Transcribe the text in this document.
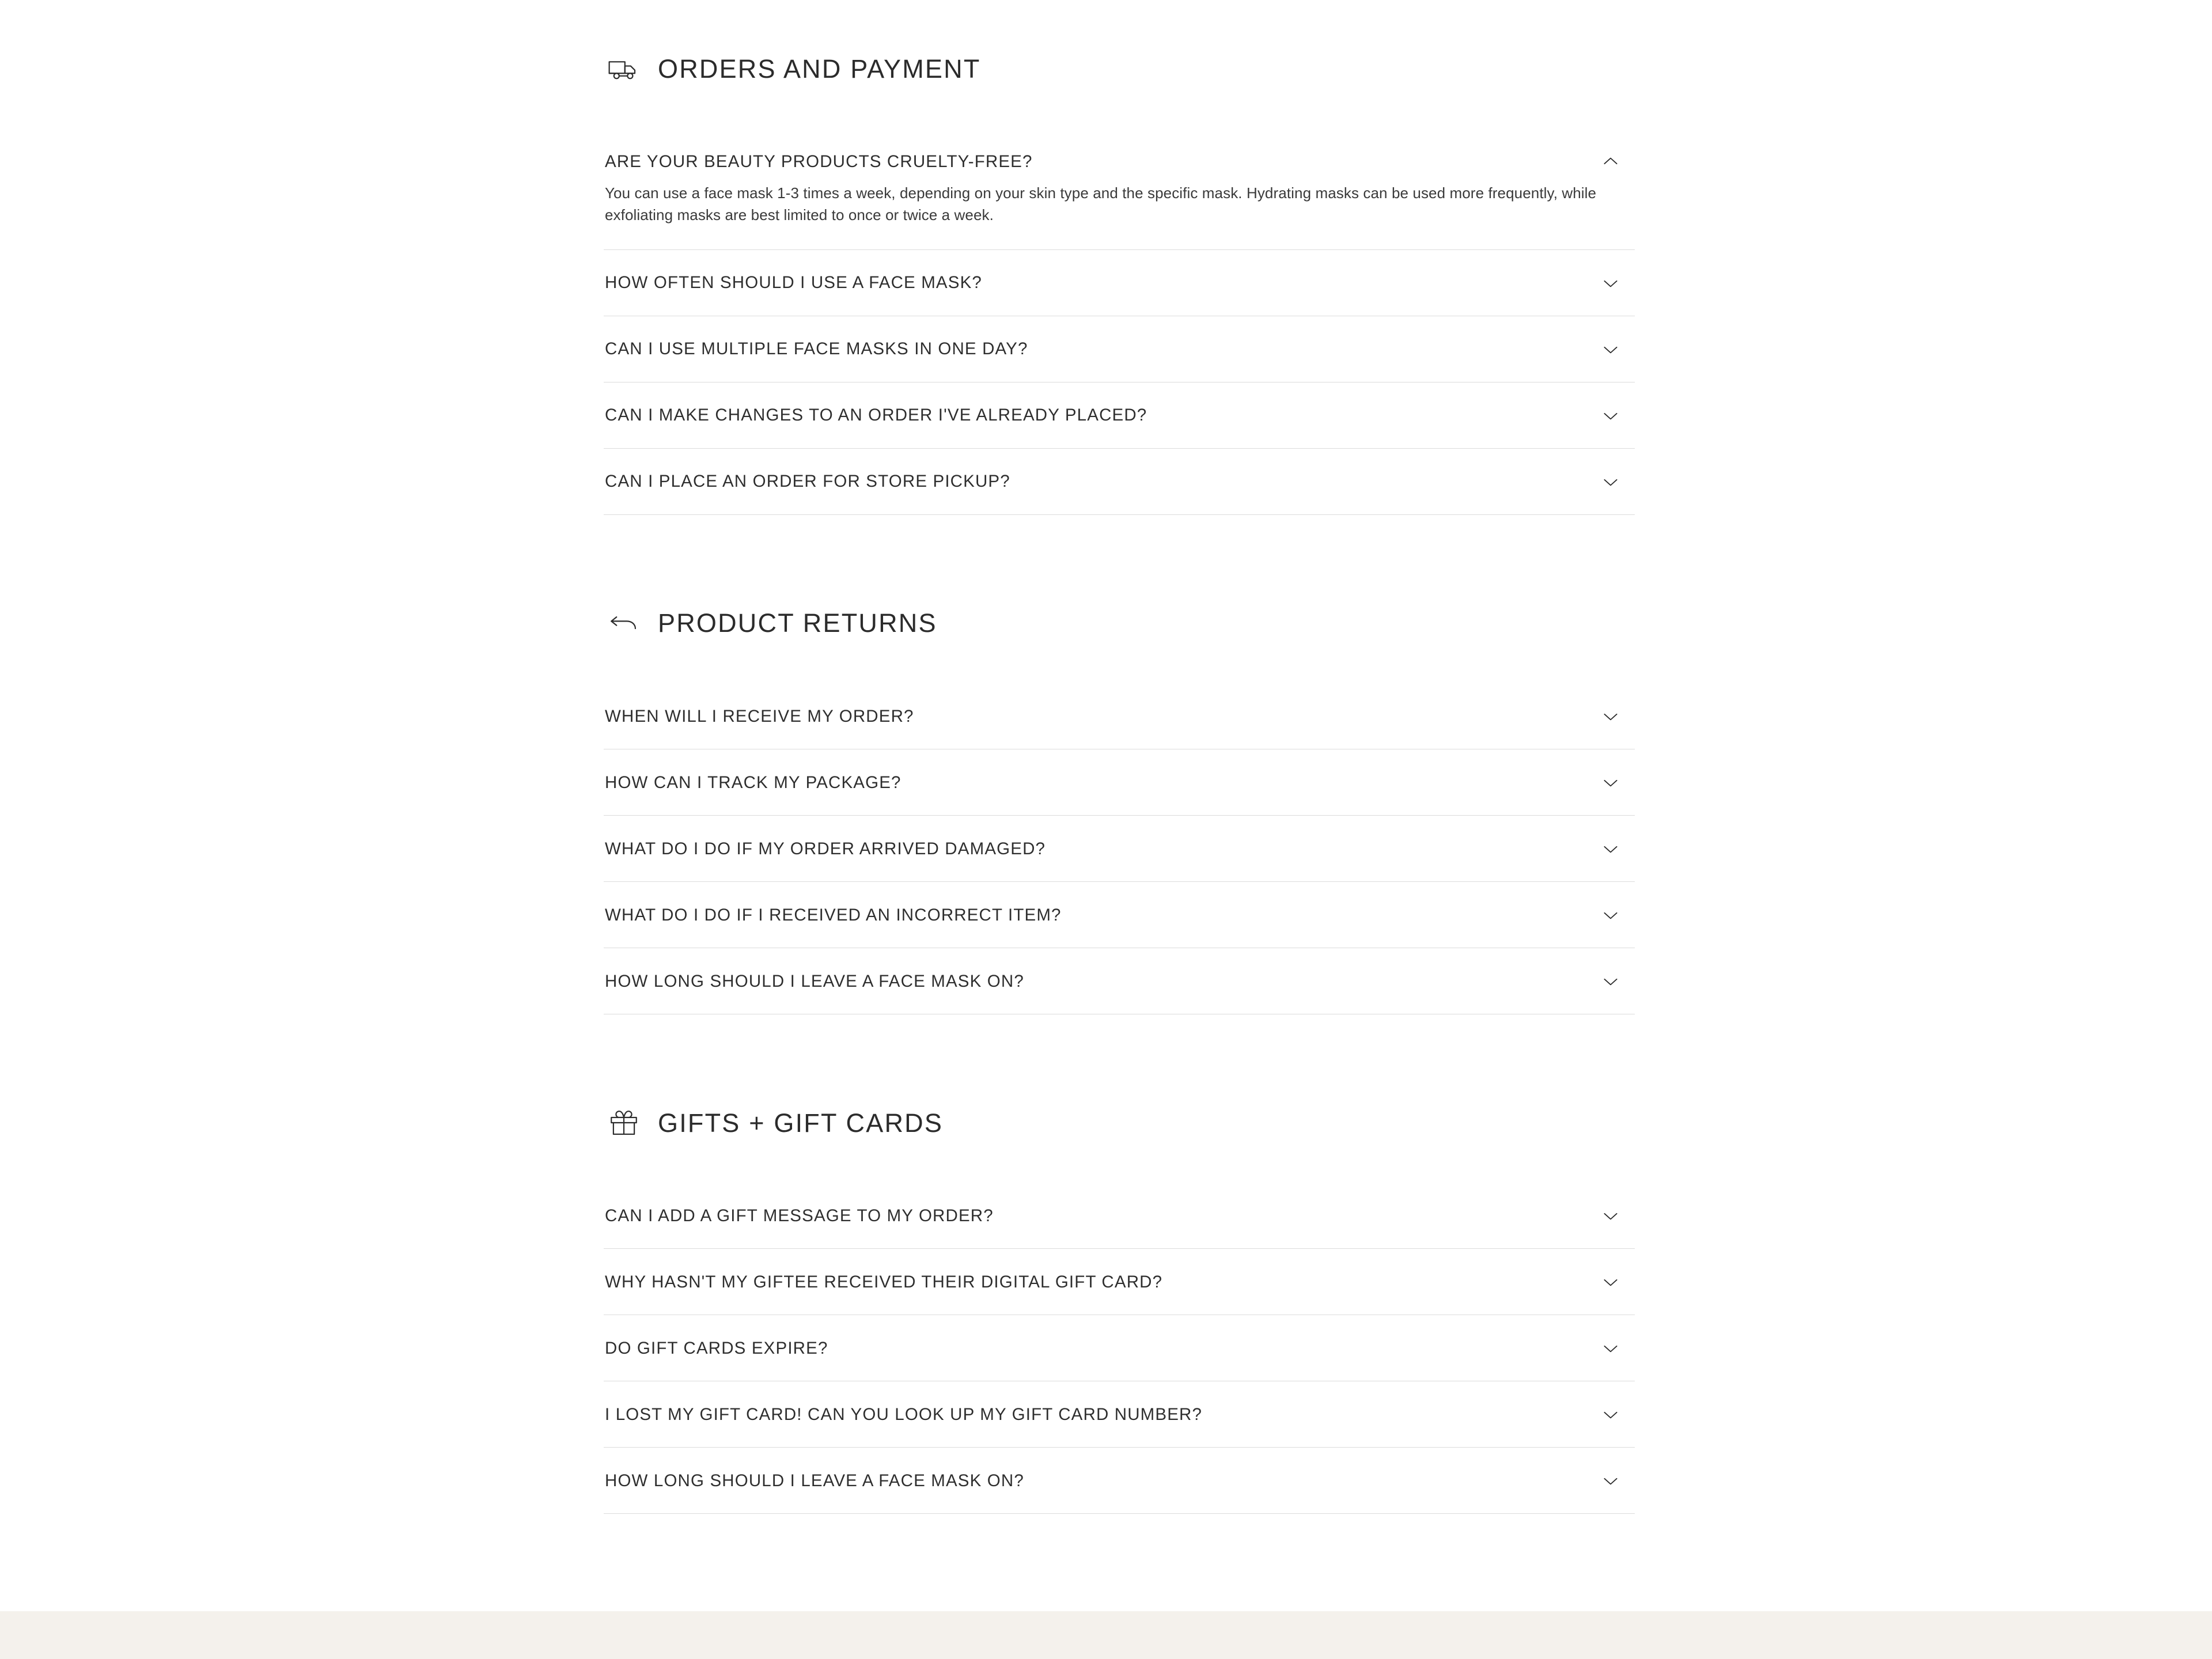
ORDERS AND PAYMENT
ARE YOUR BEAUTY PRODUCTS CRUELTY-FREE?

You can use a face mask 1-3 times a week, depending on your skin type and the specific mask. Hydrating masks can be used more frequently, while exfoliating masks are best limited to once or twice a week.

HOW OFTEN SHOULD I USE A FACE MASK?
CAN I USE MULTIPLE FACE MASKS IN ONE DAY?
CAN I MAKE CHANGES TO AN ORDER I'VE ALREADY PLACED?
CAN I PLACE AN ORDER FOR STORE PICKUP?
PRODUCT RETURNS
WHEN WILL I RECEIVE MY ORDER?
HOW CAN I TRACK MY PACKAGE?
WHAT DO I DO IF MY ORDER ARRIVED DAMAGED?
WHAT DO I DO IF I RECEIVED AN INCORRECT ITEM?
HOW LONG SHOULD I LEAVE A FACE MASK ON?
GIFTS + GIFT CARDS
CAN I ADD A GIFT MESSAGE TO MY ORDER?
WHY HASN'T MY GIFTEE RECEIVED THEIR DIGITAL GIFT CARD?
DO GIFT CARDS EXPIRE?
I LOST MY GIFT CARD! CAN YOU LOOK UP MY GIFT CARD NUMBER?
HOW LONG SHOULD I LEAVE A FACE MASK ON?
